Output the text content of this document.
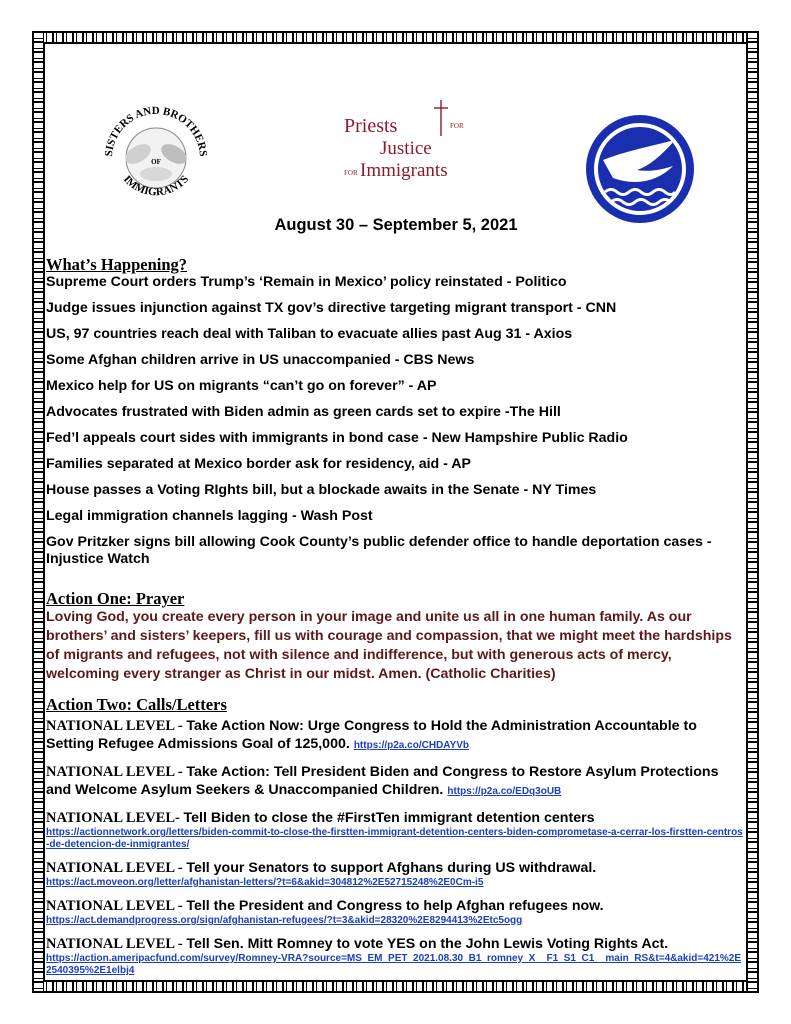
SISTERS AND BROTHERS
OF
IMMIGRANTS
Priests	FOR
Justice
FOR Immigrants
August 30 – September 5, 2021

What’s Happening?

Supreme Court orders Trump’s ‘Remain in Mexico’ policy reinstated - Politico

Judge issues injunction against TX gov’s directive targeting migrant transport - CNN

US, 97 countries reach deal with Taliban to evacuate allies past Aug 31 - Axios

Some Afghan children arrive in US unaccompanied - CBS News

Mexico help for US on migrants “can’t go on forever” - AP

Advocates frustrated with Biden admin as green cards set to expire -The Hill

Fed’l appeals court sides with immigrants in bond case - New Hampshire Public Radio

Families separated at Mexico border ask for residency, aid - AP

House passes a Voting RIghts bill, but a blockade awaits in the Senate - NY Times

Legal immigration channels lagging - Wash Post

Gov Pritzker signs bill allowing Cook County’s public defender office to handle deportation cases - Injustice Watch

Action One: Prayer

Loving God, you create every person in your image and unite us all in one human family. As our brothers’ and sisters’ keepers, fill us with courage and compassion, that we might meet the hardships of migrants and refugees, not with silence and indifference, but with generous acts of mercy, welcoming every stranger as Christ in our midst. Amen. (Catholic Charities)

Action Two: Calls/Letters

NATIONAL LEVEL - Take Action Now: Urge Congress to Hold the Administration Accountable to Setting Refugee Admissions Goal of 125,000. https://p2a.co/CHDAYVb
NATIONAL LEVEL - Take Action: Tell President Biden and Congress to Restore Asylum Protections and Welcome Asylum Seekers & Unaccompanied Children. https://p2a.co/EDq3oUB
NATIONAL LEVEL- Tell Biden to close the #FirstTen immigrant detention centers
https://actionnetwork.org/letters/biden-commit-to-close-the-firstten-immigrant-detention-centers-biden-comprometase-a-cerrar-los-firstten-centros-de-detencion-de-inmigrantes/
NATIONAL LEVEL - Tell your Senators to support Afghans during US withdrawal.
https://act.moveon.org/letter/afghanistan-letters/?t=6&akid=304812%2E52715248%2E0Cm-i5
NATIONAL LEVEL - Tell the President and Congress to help Afghan refugees now.
https://act.demandprogress.org/sign/afghanistan-refugees/?t=3&akid=28320%2E8294413%2Etc5ogg
NATIONAL LEVEL - Tell Sen. Mitt Romney to vote YES on the John Lewis Voting Rights Act.
https://action.ameripacfund.com/survey/Romney-VRA?source=MS_EM_PET_2021.08.30_B1_romney_X__F1_S1_C1__main_RS&t=4&akid=421%2E2540395%2E1elbj4
